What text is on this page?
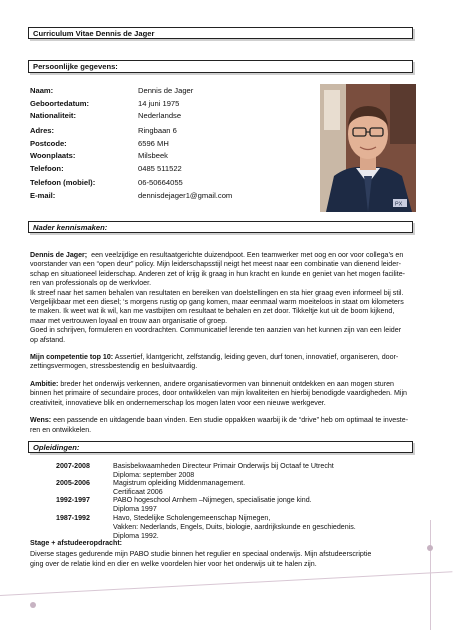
Curriculum Vitae Dennis de Jager
Persoonlijke gegevens:
Naam:	Dennis de Jager
Geboortedatum:	14 juni 1975
Nationaliteit:	Nederlandse
Adres:	Ringbaan 6
Postcode:	6596 MH
Woonplaats:	Milsbeek
Telefoon:	0485 511522
Telefoon (mobiel):	06-50664055
E-mail:	dennisdejager1@gmail.com
PX
Nader kennismaken:
Dennis de Jager; een veelzijdige en resultaatgerichte duizendpoot. Een teamwerker met oog en oor voor collega’s en
voorstander van een “open deur” policy. Mijn leiderschapsstijl neigt het meest naar een combinatie van dienend leider-
schap en situationeel leiderschap. Anderen zet of krijg ik graag in hun kracht en kunde en geniet van het mogen facilite-
ren van professionals op de werkvloer.
Ik streef naar het samen behalen van resultaten en bereiken van doelstellingen en sta hier graag even informeel bij stil.
Vergelijkbaar met een diesel; ‘s morgens rustig op gang komen, maar eenmaal warm moeiteloos in staat om kilometers
te maken. Ik weet wat ik wil, kan me vastbijten om resultaat te behalen en zet door. Tikkeltje kut uit de boom kijkend,
maar met vertrouwen loyaal en trouw aan organisatie of groep.
Goed in schrijven, formuleren en voordrachten. Communicatief lerende ten aanzien van het kunnen zijn van een leider
op afstand.
Mijn competentie top 10: Assertief, klantgericht, zelfstandig, leiding geven, durf tonen, innovatief, organiseren, door-
zettingsvermogen, stressbestendig en besluitvaardig.
Ambitie: breder het onderwijs verkennen, andere organisatievormen van binnenuit ontdekken en aan mogen sturen
binnen het primaire of secundaire proces, door ontwikkelen van mijn kwaliteiten en hierbij benodigde vaardigheden. Mijn
creativiteit, innovatieve blik en ondernemerschap los mogen laten voor een nieuwe werkgever.
Wens: een passende en uitdagende baan vinden. Een studie oppakken waarbij ik de “drive” heb om optimaal te investe-
ren en ontwikkelen.
Opleidingen:
2007-2008	Basisbekwaamheden Directeur Primair Onderwijs bij Octaaf te Utrecht
Diploma: september 2008
2005-2006	Magistrum opleiding Middenmanagement.
Certificaat 2006
1992-1997	PABO hogeschool Arnhem –Nijmegen, specialisatie jonge kind.
Diploma 1997
1987-1992	Havo, Stedelijke Scholengemeenschap Nijmegen,
Vakken: Nederlands, Engels, Duits, biologie, aardrijkskunde en geschiedenis.
Diploma 1992.
Stage + afstudeeropdracht:
Diverse stages gedurende mijn PABO studie binnen het regulier en speciaal onderwijs. Mijn afstudeerscriptie
ging over de relatie kind en dier en welke voordelen hier voor het onderwijs uit te halen zijn.
